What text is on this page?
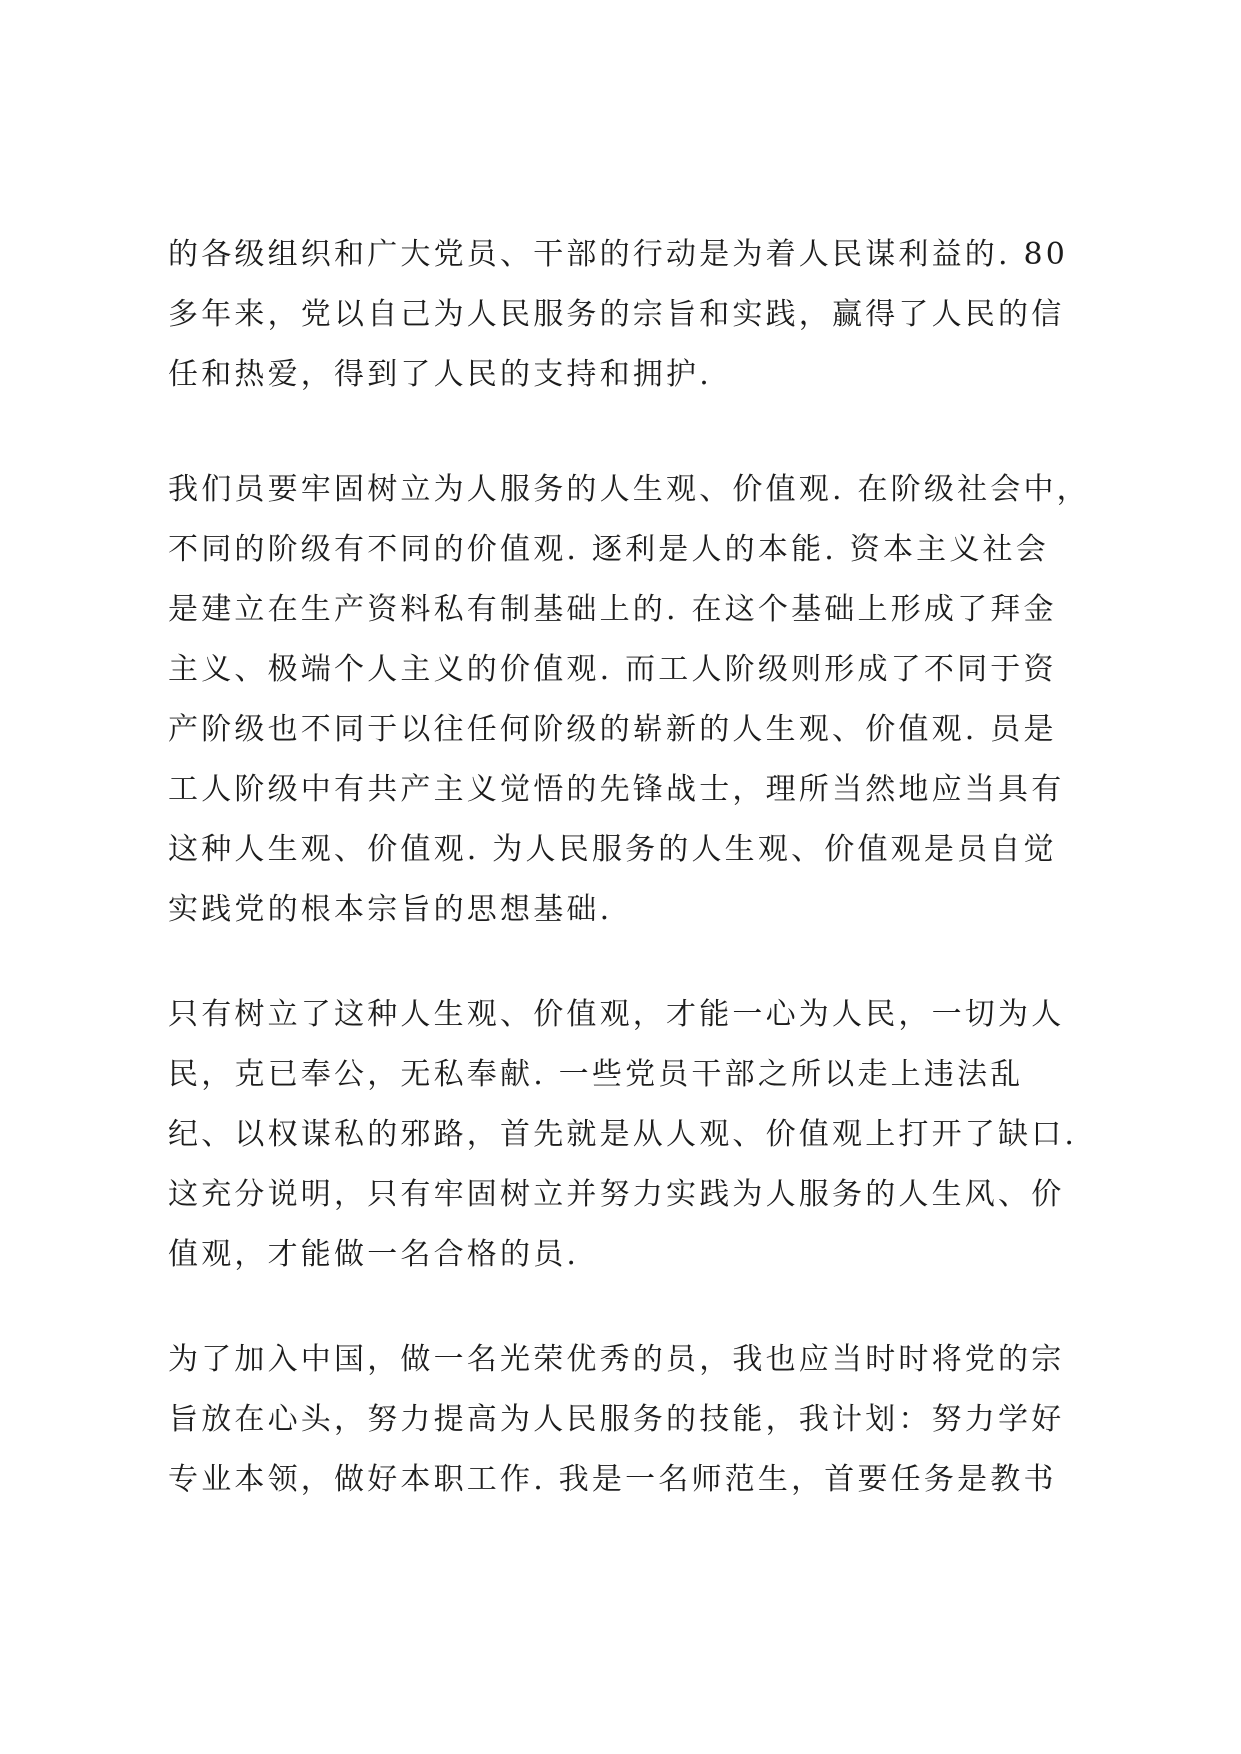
的各级组织和广大党员、干部的行动是为着人民谋利益的. 80
多年来，党以自己为人民服务的宗旨和实践，赢得了人民的信
任和热爱，得到了人民的支持和拥护.
我们员要牢固树立为人服务的人生观、价值观. 在阶级社会中，
不同的阶级有不同的价值观. 逐利是人的本能. 资本主义社会
是建立在生产资料私有制基础上的. 在这个基础上形成了拜金
主义、极端个人主义的价值观. 而工人阶级则形成了不同于资
产阶级也不同于以往任何阶级的崭新的人生观、价值观. 员是
工人阶级中有共产主义觉悟的先锋战士，理所当然地应当具有
这种人生观、价值观. 为人民服务的人生观、价值观是员自觉
实践党的根本宗旨的思想基础.
只有树立了这种人生观、价值观，才能一心为人民，一切为人
民，克已奉公，无私奉献. 一些党员干部之所以走上违法乱
纪、以权谋私的邪路，首先就是从人观、价值观上打开了缺口.
这充分说明，只有牢固树立并努力实践为人服务的人生风、价
值观，才能做一名合格的员.
为了加入中国，做一名光荣优秀的员，我也应当时时将党的宗
旨放在心头，努力提高为人民服务的技能，我计划：努力学好
专业本领，做好本职工作. 我是一名师范生，首要任务是教书
